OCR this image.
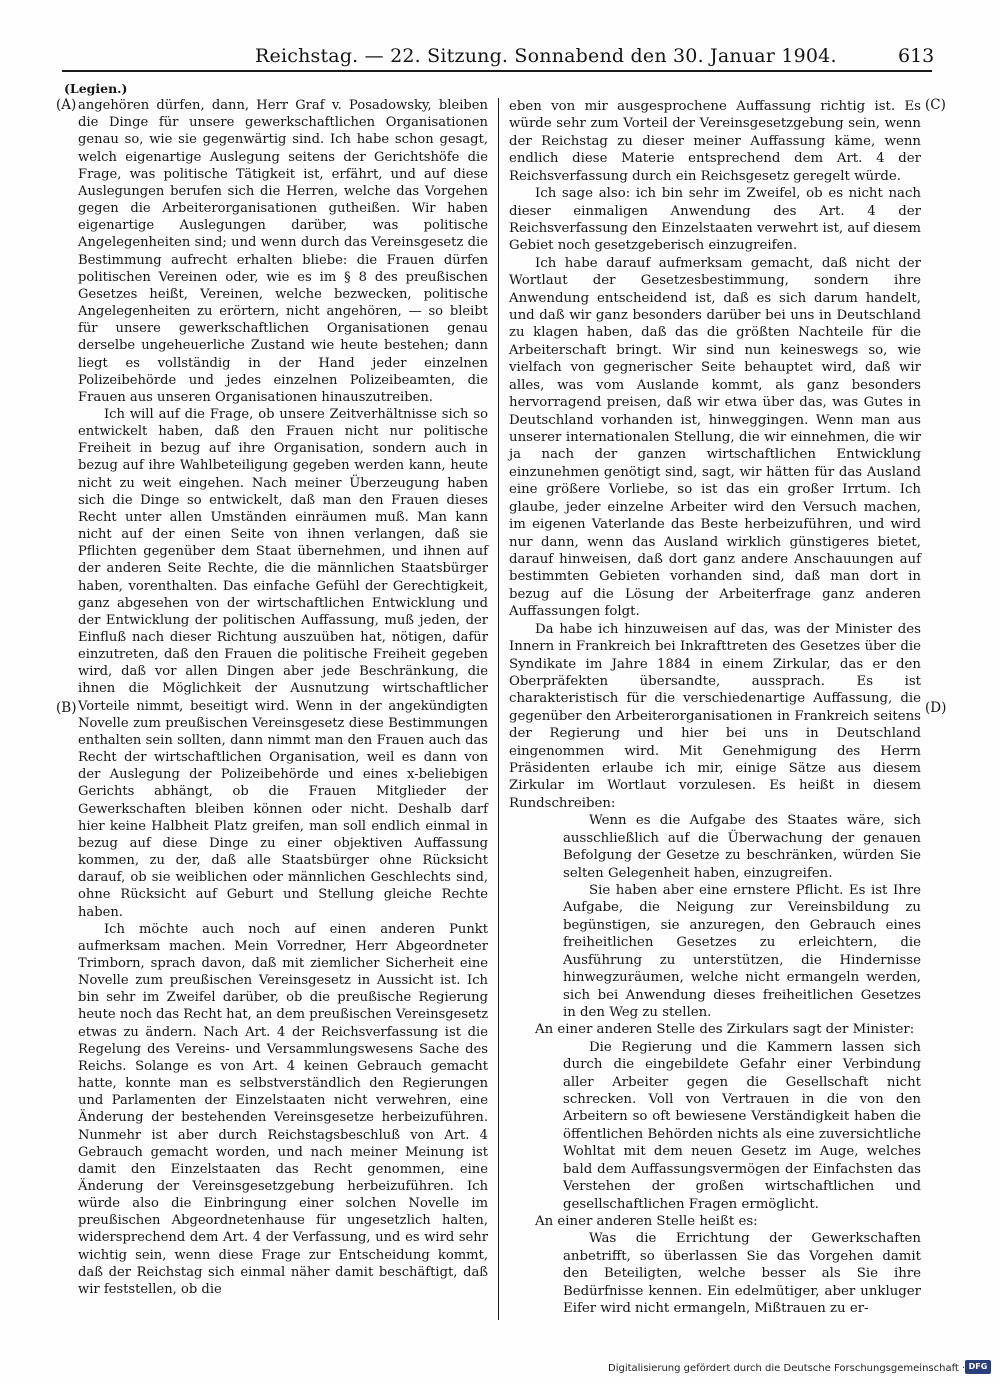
Reichstag. — 22. Sitzung. Sonnabend den 30. Januar 1904.	613
(A)
(B)
(C)
(D)

(Legien.)

angehören dürfen, dann, Herr Graf v. Posadowsky, bleiben die Dinge für unsere gewerkschaftlichen Organisationen genau so, wie sie gegenwärtig sind. Ich habe schon gesagt, welch eigenartige Auslegung seitens der Gerichtshöfe die Frage, was politische Tätigkeit ist, erfährt, und auf diese Auslegungen berufen sich die Herren, welche das Vorgehen gegen die Arbeiterorganisationen gutheißen. Wir haben eigenartige Auslegungen darüber, was politische Angelegenheiten sind; und wenn durch das Vereinsgesetz die Bestimmung aufrecht erhalten bliebe: die Frauen dürfen politischen Vereinen oder, wie es im § 8 des preußischen Gesetzes heißt, Vereinen, welche bezwecken, politische Angelegenheiten zu erörtern, nicht angehören, — so bleibt für unsere gewerkschaftlichen Organisationen genau derselbe ungeheuerliche Zustand wie heute bestehen; dann liegt es vollständig in der Hand jeder einzelnen Polizeibehörde und jedes einzelnen Polizeibeamten, die Frauen aus unseren Organisationen hinauszutreiben.

Ich will auf die Frage, ob unsere Zeitverhältnisse sich so entwickelt haben, daß den Frauen nicht nur politische Freiheit in bezug auf ihre Organisation, sondern auch in bezug auf ihre Wahlbeteiligung gegeben werden kann, heute nicht zu weit eingehen. Nach meiner Überzeugung haben sich die Dinge so entwickelt, daß man den Frauen dieses Recht unter allen Umständen einräumen muß. Man kann nicht auf der einen Seite von ihnen verlangen, daß sie Pflichten gegenüber dem Staat übernehmen, und ihnen auf der anderen Seite Rechte, die die männlichen Staatsbürger haben, vorenthalten. Das einfache Gefühl der Gerechtigkeit, ganz abgesehen von der wirtschaftlichen Entwicklung und der Entwicklung der politischen Auffassung, muß jeden, der Einfluß nach dieser Richtung auszuüben hat, nötigen, dafür einzutreten, daß den Frauen die politische Freiheit gegeben wird, daß vor allen Dingen aber jede Beschränkung, die ihnen die Möglichkeit der Ausnutzung wirtschaftlicher Vorteile nimmt, beseitigt wird. Wenn in der angekündigten Novelle zum preußischen Vereinsgesetz diese Bestimmungen enthalten sein sollten, dann nimmt man den Frauen auch das Recht der wirtschaftlichen Organisation, weil es dann von der Auslegung der Polizeibehörde und eines x-beliebigen Gerichts abhängt, ob die Frauen Mitglieder der Gewerkschaften bleiben können oder nicht. Deshalb darf hier keine Halbheit Platz greifen, man soll endlich einmal in bezug auf diese Dinge zu einer objektiven Auffassung kommen, zu der, daß alle Staatsbürger ohne Rücksicht darauf, ob sie weiblichen oder männlichen Geschlechts sind, ohne Rücksicht auf Geburt und Stellung gleiche Rechte haben.

Ich möchte auch noch auf einen anderen Punkt aufmerksam machen. Mein Vorredner, Herr Abgeordneter Trimborn, sprach davon, daß mit ziemlicher Sicherheit eine Novelle zum preußischen Vereinsgesetz in Aussicht ist. Ich bin sehr im Zweifel darüber, ob die preußische Regierung heute noch das Recht hat, an dem preußischen Vereinsgesetz etwas zu ändern. Nach Art. 4 der Reichsverfassung ist die Regelung des Vereins- und Versammlungswesens Sache des Reichs. Solange es von Art. 4 keinen Gebrauch gemacht hatte, konnte man es selbstverständlich den Regierungen und Parlamenten der Einzelstaaten nicht verwehren, eine Änderung der bestehenden Vereinsgesetze herbeizuführen. Nunmehr ist aber durch Reichstagsbeschluß von Art. 4 Gebrauch gemacht worden, und nach meiner Meinung ist damit den Einzelstaaten das Recht genommen, eine Änderung der Vereinsgesetzgebung herbeizuführen. Ich würde also die Einbringung einer solchen Novelle im preußischen Abgeordnetenhause für ungesetzlich halten, widersprechend dem Art. 4 der Verfassung, und es wird sehr wichtig sein, wenn diese Frage zur Entscheidung kommt, daß der Reichstag sich einmal näher damit beschäftigt, daß wir feststellen, ob die

eben von mir ausgesprochene Auffassung richtig ist. Es würde sehr zum Vorteil der Vereinsgesetzgebung sein, wenn der Reichstag zu dieser meiner Auffassung käme, wenn endlich diese Materie entsprechend dem Art. 4 der Reichsverfassung durch ein Reichsgesetz geregelt würde.

Ich sage also: ich bin sehr im Zweifel, ob es nicht nach dieser einmaligen Anwendung des Art. 4 der Reichsverfassung den Einzelstaaten verwehrt ist, auf diesem Gebiet noch gesetzgeberisch einzugreifen.

Ich habe darauf aufmerksam gemacht, daß nicht der Wortlaut der Gesetzesbestimmung, sondern ihre Anwendung entscheidend ist, daß es sich darum handelt, und daß wir ganz besonders darüber bei uns in Deutschland zu klagen haben, daß das die größten Nachteile für die Arbeiterschaft bringt. Wir sind nun keineswegs so, wie vielfach von gegnerischer Seite behauptet wird, daß wir alles, was vom Auslande kommt, als ganz besonders hervorragend preisen, daß wir etwa über das, was Gutes in Deutschland vorhanden ist, hinweggingen. Wenn man aus unserer internationalen Stellung, die wir einnehmen, die wir ja nach der ganzen wirtschaftlichen Entwicklung einzunehmen genötigt sind, sagt, wir hätten für das Ausland eine größere Vorliebe, so ist das ein großer Irrtum. Ich glaube, jeder einzelne Arbeiter wird den Versuch machen, im eigenen Vaterlande das Beste herbeizuführen, und wird nur dann, wenn das Ausland wirklich günstigeres bietet, darauf hinweisen, daß dort ganz andere Anschauungen auf bestimmten Gebieten vorhanden sind, daß man dort in bezug auf die Lösung der Arbeiterfrage ganz anderen Auffassungen folgt.

Da habe ich hinzuweisen auf das, was der Minister des Innern in Frankreich bei Inkrafttreten des Gesetzes über die Syndikate im Jahre 1884 in einem Zirkular, das er den Oberpräfekten übersandte, aussprach. Es ist charakteristisch für die verschiedenartige Auffassung, die gegenüber den Arbeiterorganisationen in Frankreich seitens der Regierung und hier bei uns in Deutschland eingenommen wird. Mit Genehmigung des Herrn Präsidenten erlaube ich mir, einige Sätze aus diesem Zirkular im Wortlaut vorzulesen. Es heißt in diesem Rundschreiben:

Wenn es die Aufgabe des Staates wäre, sich ausschließlich auf die Überwachung der genauen Befolgung der Gesetze zu beschränken, würden Sie selten Gelegenheit haben, einzugreifen.

Sie haben aber eine ernstere Pflicht. Es ist Ihre Aufgabe, die Neigung zur Vereinsbildung zu begünstigen, sie anzuregen, den Gebrauch eines freiheitlichen Gesetzes zu erleichtern, die Ausführung zu unterstützen, die Hindernisse hinwegzuräumen, welche nicht ermangeln werden, sich bei Anwendung dieses freiheitlichen Gesetzes in den Weg zu stellen.

An einer anderen Stelle des Zirkulars sagt der Minister:

Die Regierung und die Kammern lassen sich durch die eingebildete Gefahr einer Verbindung aller Arbeiter gegen die Gesellschaft nicht schrecken. Voll von Vertrauen in die von den Arbeitern so oft bewiesene Verständigkeit haben die öffentlichen Behörden nichts als eine zuversichtliche Wohltat mit dem neuen Gesetz im Auge, welches bald dem Auffassungsvermögen der Einfachsten das Verstehen der großen wirtschaftlichen und gesellschaftlichen Fragen ermöglicht.

An einer anderen Stelle heißt es:

Was die Errichtung der Gewerkschaften anbetrifft, so überlassen Sie das Vorgehen damit den Beteiligten, welche besser als Sie ihre Bedürfnisse kennen. Ein edelmütiger, aber unkluger Eifer wird nicht ermangeln, Mißtrauen zu er-

Digitalisierung gefördert durch die Deutsche Forschungsgemeinschaft · DFG
